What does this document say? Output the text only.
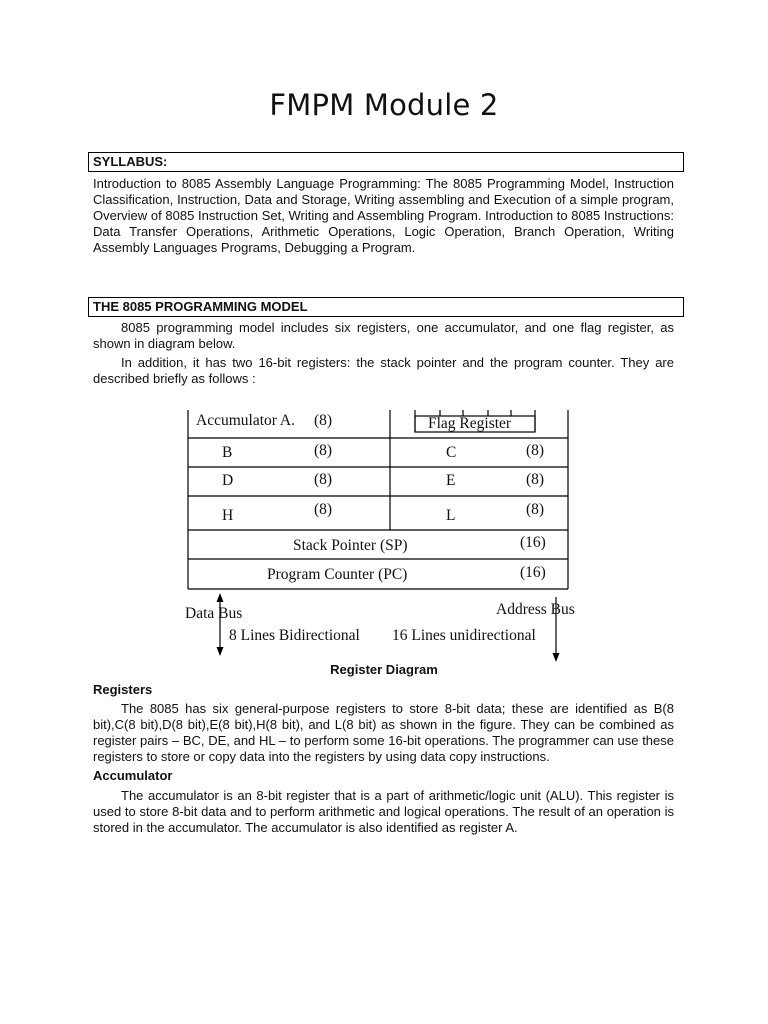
FMPM Module 2
SYLLABUS:

Introduction to 8085 Assembly Language Programming: The 8085 Programming Model, Instruction Classification, Instruction, Data and Storage, Writing assembling and Execution of a simple program, Overview of 8085 Instruction Set, Writing and Assembling Program. Introduction to 8085 Instructions: Data Transfer Operations, Arithmetic Operations, Logic Operation, Branch Operation, Writing Assembly Languages Programs, Debugging a Program.

THE 8085 PROGRAMMING MODEL

8085 programming model includes six registers, one accumulator, and one flag register, as shown in diagram below.

In addition, it has two 16-bit registers: the stack pointer and the program counter. They are described briefly as follows :

Accumulator A. (8)	Flag Register
B	(8)	C	(8)
D	(8)	E	(8)
H	(8)	L	(8)
Stack Pointer (SP)	(16)
Program Counter (PC)	(16)
Data Bus	Address Bus
8 Lines Bidirectional 16 Lines unidirectional

Register Diagram

Registers

The 8085 has six general-purpose registers to store 8-bit data; these are identified as B(8 bit),C(8 bit),D(8 bit),E(8 bit),H(8 bit), and L(8 bit) as shown in the figure. They can be combined as register pairs – BC, DE, and HL – to perform some 16-bit operations. The programmer can use these registers to store or copy data into the registers by using data copy instructions.

Accumulator

The accumulator is an 8-bit register that is a part of arithmetic/logic unit (ALU). This register is used to store 8-bit data and to perform arithmetic and logical operations. The result of an operation is stored in the accumulator. The accumulator is also identified as register A.
